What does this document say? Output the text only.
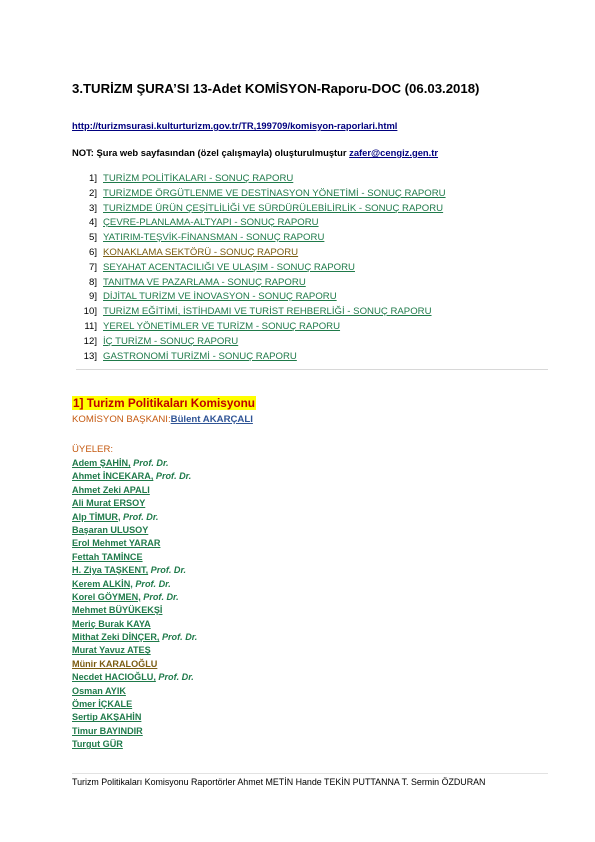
3.TURİZM ŞURA’SI 13-Adet KOMİSYON-Raporu-DOC (06.03.2018)
http://turizmsurasi.kulturturizm.gov.tr/TR,199709/komisyon-raporlari.html
NOT: Şura web sayfasından (özel çalışmayla) oluşturulmuştur zafer@cengiz.gen.tr
1] TURİZM POLİTİKALARI - SONUÇ RAPORU
2] TURİZMDE ÖRGÜTLENME VE DESTİNASYON YÖNETİMİ - SONUÇ RAPORU
3] TURİZMDE ÜRÜN ÇEŞİTLİLİĞİ VE SÜRDÜRÜLEBİLİRLİK - SONUÇ RAPORU
4] ÇEVRE-PLANLAMA-ALTYAPI - SONUÇ RAPORU
5] YATIRIM-TEŞVİK-FİNANSMAN - SONUÇ RAPORU
6] KONAKLAMA SEKTÖRÜ - SONUÇ RAPORU
7] SEYAHAT ACENTACILIĞI VE ULAŞIM - SONUÇ RAPORU
8] TANITMA VE PAZARLAMA - SONUÇ RAPORU
9] DİJİTAL TURİZM VE İNOVASYON - SONUÇ RAPORU
10] TURİZM EĞİTİMİ, İSTİHDAMI VE TURİST REHBERLİĞİ - SONUÇ RAPORU
11] YEREL YÖNETİMLER VE TURİZM - SONUÇ RAPORU
12] İÇ TURİZM - SONUÇ RAPORU
13] GASTRONOMİ TURİZMİ - SONUÇ RAPORU
1] Turizm Politikaları Komisyonu
KOMİSYON BAŞKANI:Bülent AKARÇALI
ÜYELER:
Adem ŞAHİN, Prof. Dr.
Ahmet İNCEKARA, Prof. Dr.
Ahmet Zeki APALI
Ali Murat ERSOY
Alp TİMUR, Prof. Dr.
Başaran ULUSOY
Erol Mehmet YARAR
Fettah TAMİNCE
H. Ziya TAŞKENT, Prof. Dr.
Kerem ALKİN, Prof. Dr.
Korel GÖYMEN, Prof. Dr.
Mehmet BÜYÜKEKŞİ
Meriç Burak KAYA
Mithat Zeki DİNÇER, Prof. Dr.
Murat Yavuz ATEŞ
Münir KARALOĞLU
Necdet HACIOĞLU, Prof. Dr.
Osman AYIK
Ömer İÇKALE
Sertip AKŞAHİN
Timur BAYINDIR
Turgut GÜR
Turizm Politikaları Komisyonu Raportörler Ahmet METİN Hande TEKİN PUTTANNA T. Sermin ÖZDURAN
